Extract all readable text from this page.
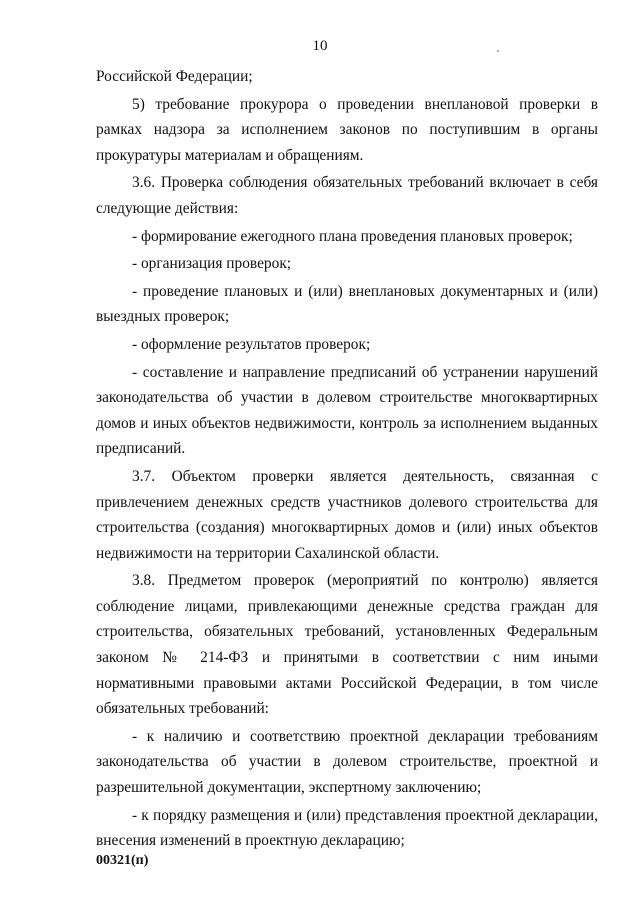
10

Российской Федерации;

5) требование прокурора о проведении внеплановой проверки в рамках надзора за исполнением законов по поступившим в органы прокуратуры материалам и обращениям.

3.6. Проверка соблюдения обязательных требований включает в себя следующие действия:

- формирование ежегодного плана проведения плановых проверок;

- организация проверок;

- проведение плановых и (или) внеплановых документарных и (или) выездных проверок;

- оформление результатов проверок;

- составление и направление предписаний об устранении нарушений законодательства об участии в долевом строительстве многоквартирных домов и иных объектов недвижимости, контроль за исполнением выданных предписаний.

3.7. Объектом проверки является деятельность, связанная с привлечением денежных средств участников долевого строительства для строительства (создания) многоквартирных домов и (или) иных объектов недвижимости на территории Сахалинской области.

3.8. Предметом проверок (мероприятий по контролю) является соблюдение лицами, привлекающими денежные средства граждан для строительства, обязательных требований, установленных Федеральным законом № 214-ФЗ и принятыми в соответствии с ним иными нормативными правовыми актами Российской Федерации, в том числе обязательных требований:

- к наличию и соответствию проектной декларации требованиям законодательства об участии в долевом строительстве, проектной и разрешительной документации, экспертному заключению;

- к порядку размещения и (или) представления проектной декларации, внесения изменений в проектную декларацию;

00321(п)
